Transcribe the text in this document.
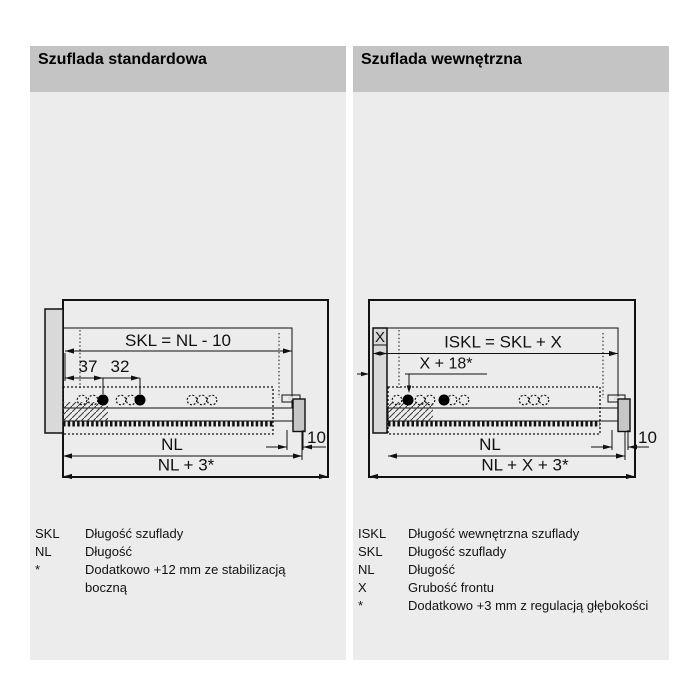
Szuflada standardowa
SKL = NL - 10
37 32
10
NL
NL + 3*
SKL	Długość szuflady
NL	Długość
*	Dodatkowo +12 mm ze stabilizacją boczną
Szuflada wewnętrzna
X	ISKL = SKL + X
X + 18*
10
NL
NL + X + 3*
ISKL	Długość wewnętrzna szuflady
SKL	Długość szuflady
NL	Długość
X	Grubość frontu
*	Dodatkowo +3 mm z regulacją głębokości
